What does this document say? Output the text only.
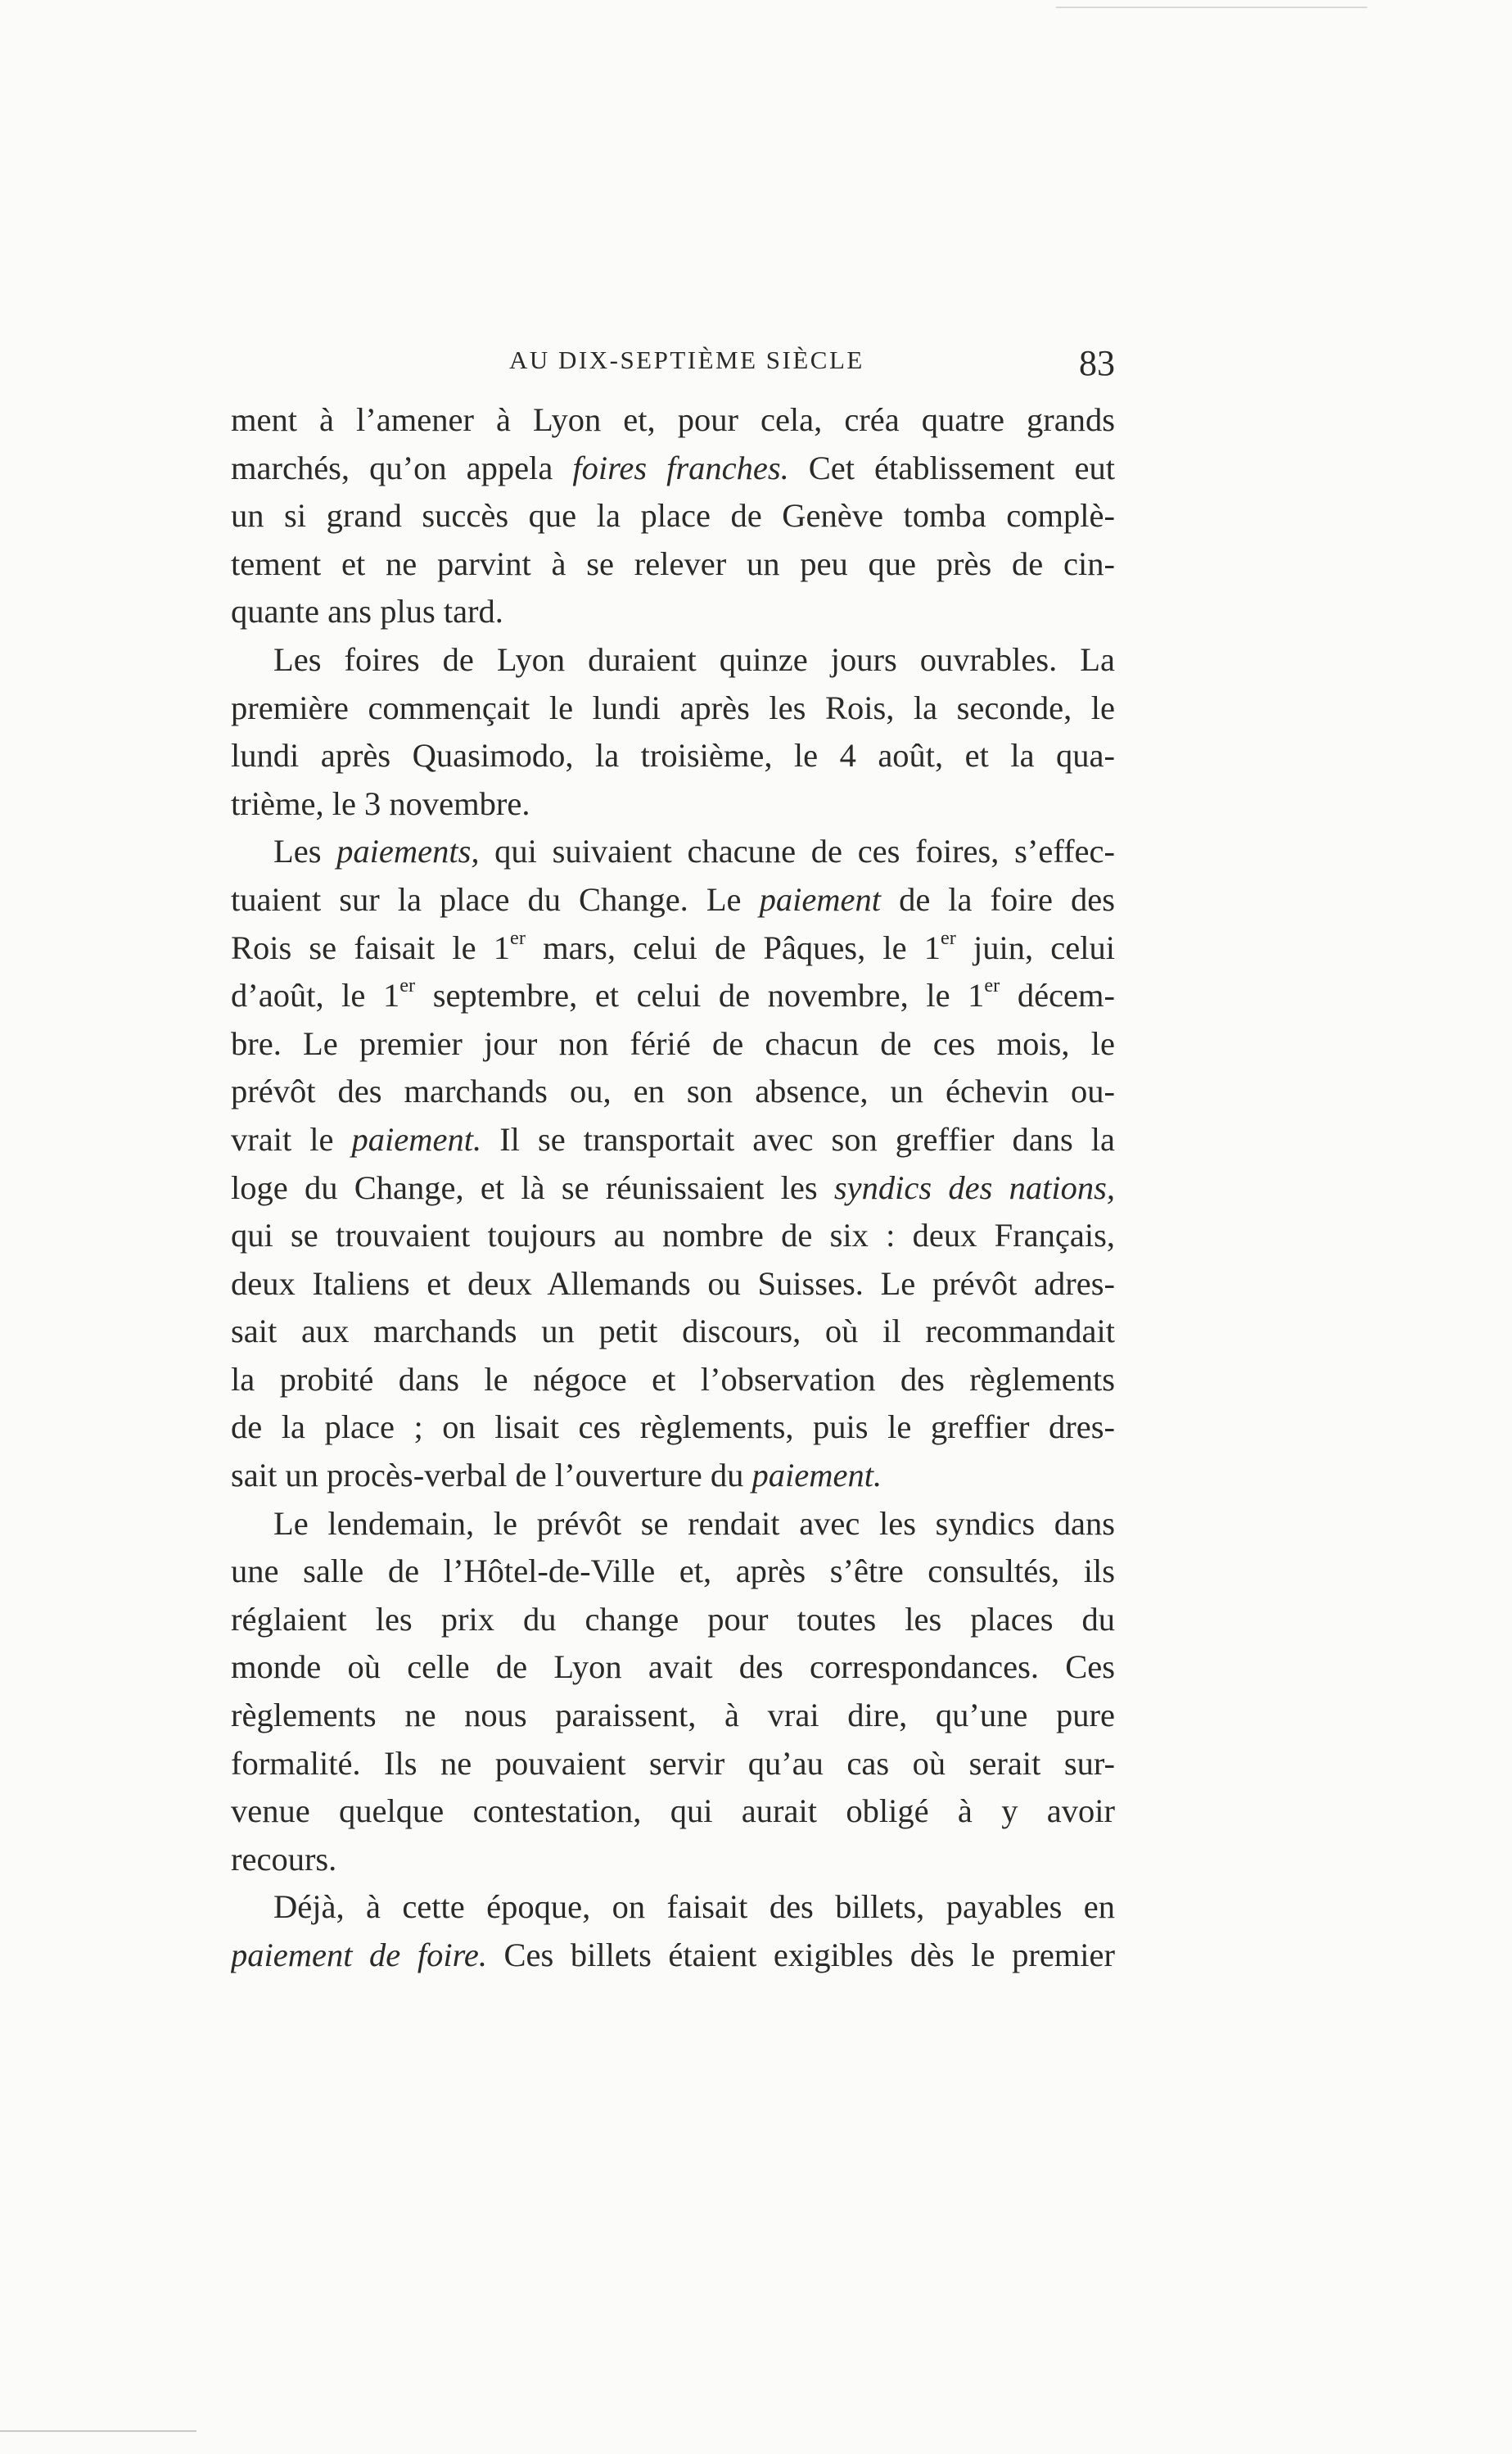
AU DIX-SEPTIÈME SIÈCLE	83
ment à l’amener à Lyon et, pour cela, créa quatre grands
marchés, qu’on appela foires franches. Cet établissement eut
un si grand succès que la place de Genève tomba complè-
tement et ne parvint à se relever un peu que près de cin-
quante ans plus tard.
Les foires de Lyon duraient quinze jours ouvrables. La
première commençait le lundi après les Rois, la seconde, le
lundi après Quasimodo, la troisième, le 4 août, et la qua-
trième, le 3 novembre.
Les paiements, qui suivaient chacune de ces foires, s’effec-
tuaient sur la place du Change. Le paiement de la foire des
Rois se faisait le 1er mars, celui de Pâques, le 1er juin, celui
d’août, le 1er septembre, et celui de novembre, le 1er décem-
bre. Le premier jour non férié de chacun de ces mois, le
prévôt des marchands ou, en son absence, un échevin ou-
vrait le paiement. Il se transportait avec son greffier dans la
loge du Change, et là se réunissaient les syndics des nations,
qui se trouvaient toujours au nombre de six : deux Français,
deux Italiens et deux Allemands ou Suisses. Le prévôt adres-
sait aux marchands un petit discours, où il recommandait
la probité dans le négoce et l’observation des règlements
de la place ; on lisait ces règlements, puis le greffier dres-
sait un procès-verbal de l’ouverture du paiement.
Le lendemain, le prévôt se rendait avec les syndics dans
une salle de l’Hôtel-de-Ville et, après s’être consultés, ils
réglaient les prix du change pour toutes les places du
monde où celle de Lyon avait des correspondances. Ces
règlements ne nous paraissent, à vrai dire, qu’une pure
formalité. Ils ne pouvaient servir qu’au cas où serait sur-
venue quelque contestation, qui aurait obligé à y avoir
recours.
Déjà, à cette époque, on faisait des billets, payables en
paiement de foire. Ces billets étaient exigibles dès le premier
